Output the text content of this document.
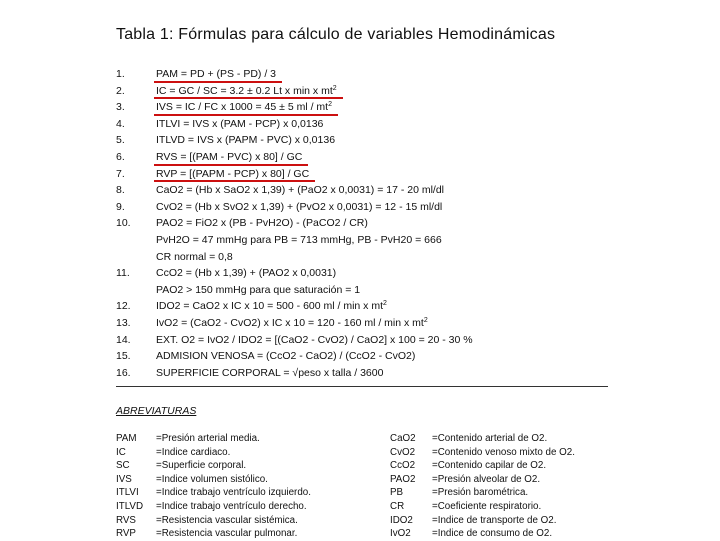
Tabla 1: Fórmulas para cálculo de variables Hemodinámicas
1.	PAM = PD + (PS - PD) / 3
2.	IC = GC / SC = 3.2 ± 0.2 Lt x min x $mt^2$
3.	IVS = IC / FC x 1000 = 45 ± 5 ml / $mt^2$
4.	ITLVI = IVS x (PAM - PCP) x 0,0136
5.	ITLVD = IVS x (PAPM - PVC) x 0,0136
6.	RVS = [(PAM - PVC) x 80] / GC
7.	RVP = [(PAPM - PCP) x 80] / GC
8.	CaO2 = (Hb x SaO2 x 1,39) + (PaO2 x 0,0031) = 17 - 20 ml/dl
9.	CvO2 = (Hb x SvO2 x 1,39) + (PvO2 x 0,0031) = 12 - 15 ml/dl
10.	PAO2 = FiO2 x (PB - PvH2O) - (PaCO2 / CR)
PvH2O = 47 mmHg para PB = 713 mmHg, PB - PvH20 = 666
CR normal = 0,8
11.	CcO2 = (Hb x 1,39) + (PAO2 x 0,0031)
PAO2 > 150 mmHg para que saturación = 1
12.	IDO2 = CaO2 x IC x 10 = 500 - 600 ml / min x $mt^2$
13.	IvO2 = (CaO2 - CvO2) x IC x 10 = 120 - 160 ml / min x $mt^2$
14.	EXT. O2 = IvO2 / IDO2 = [(CaO2 - CvO2) / CaO2] x 100 = 20 - 30 %
15.	ADMISION VENOSA = (CcO2 - CaO2) / (CcO2 - CvO2)
16.	SUPERFICIE CORPORAL = √peso x talla / 3600
ABREVIATURAS
PAM	=Presión arterial media.
IC	=Indice cardiaco.
SC	=Superficie corporal.
IVS	=Indice volumen sistólico.
ITLVI	=Indice trabajo ventrículo izquierdo.
ITLVD	=Indice trabajo ventrículo derecho.
RVS	=Resistencia vascular sistémica.
RVP	=Resistencia vascular pulmonar.
CaO2	=Contenido arterial de O2.
CvO2	=Contenido venoso mixto de O2.
CcO2	=Contenido capilar de O2.
PAO2	=Presión alveolar de O2.
PB	=Presión barométrica.
CR	=Coeficiente respiratorio.
IDO2	=Indice de transporte de O2.
IvO2	=Indice de consumo de O2.
